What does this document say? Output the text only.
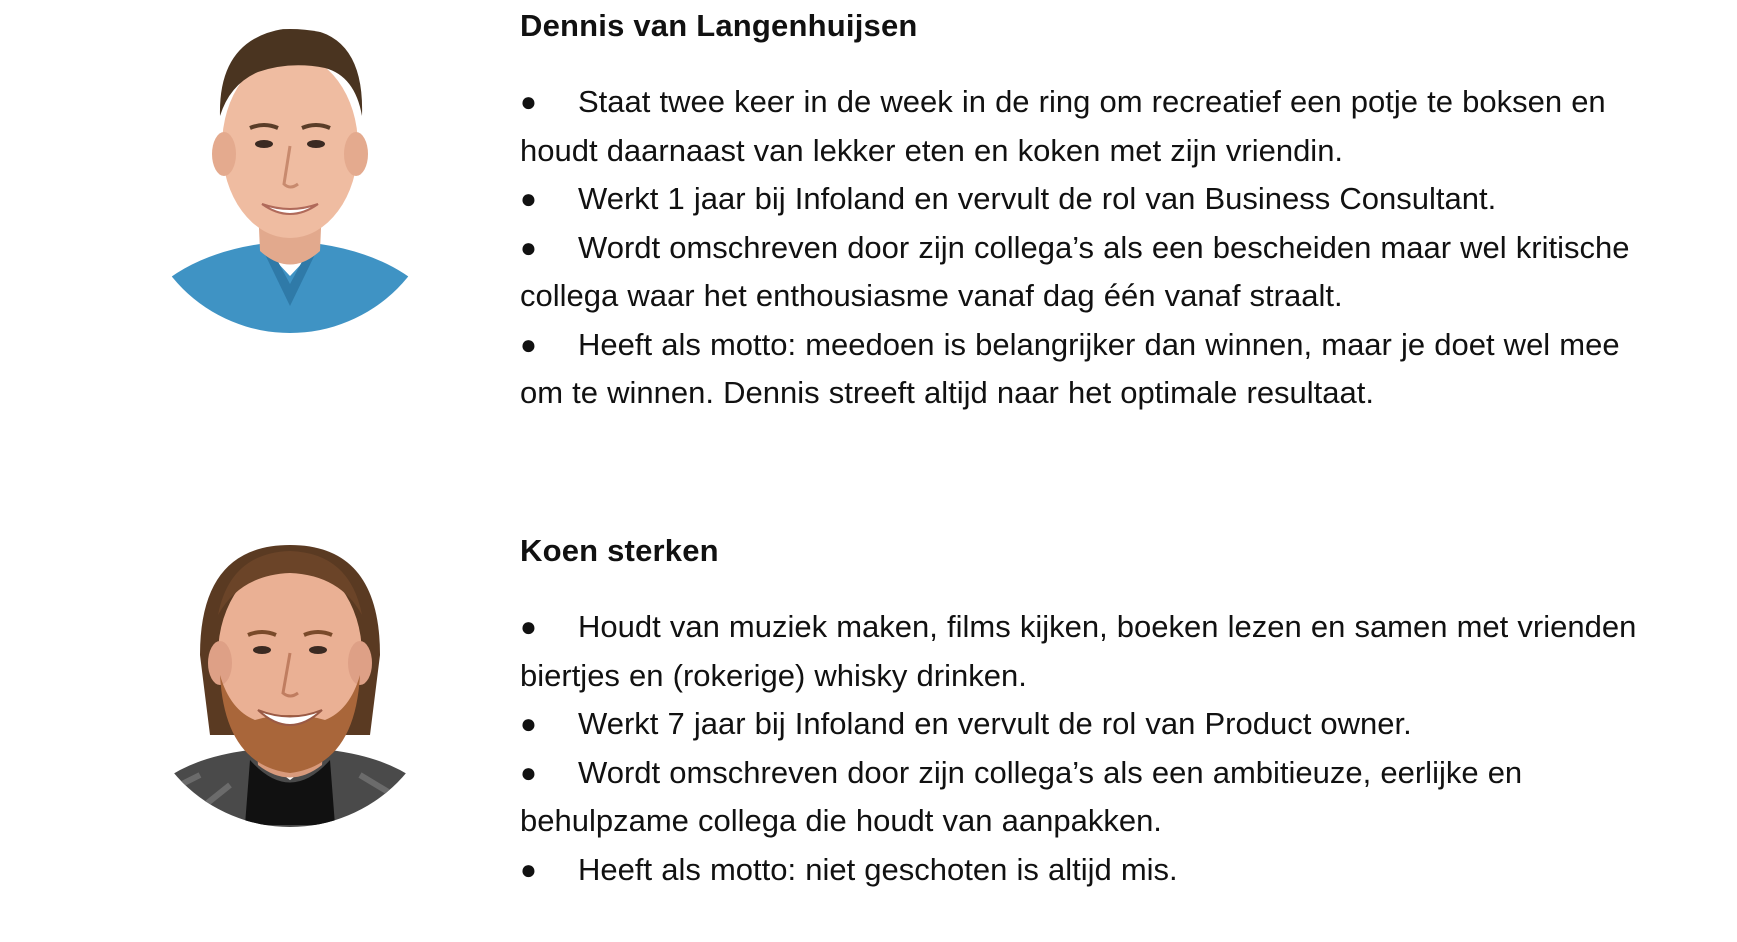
Dennis van Langenhuijsen
● Staat twee keer in de week in de ring om recreatief een potje te boksen en houdt daarnaast van lekker eten en koken met zijn vriendin.
● Werkt 1 jaar bij Infoland en vervult de rol van Business Consultant.
● Wordt omschreven door zijn collega’s als een bescheiden maar wel kritische collega waar het enthousiasme vanaf dag één vanaf straalt.
● Heeft als motto: meedoen is belangrijker dan winnen, maar je doet wel mee om te winnen. Dennis streeft altijd naar het optimale resultaat.
Koen sterken
● Houdt van muziek maken, films kijken, boeken lezen en samen met vrienden biertjes en (rokerige) whisky drinken.
● Werkt 7 jaar bij Infoland en vervult de rol van Product owner.
● Wordt omschreven door zijn collega’s als een ambitieuze, eerlijke en behulpzame collega die houdt van aanpakken.
● Heeft als motto: niet geschoten is altijd mis.
